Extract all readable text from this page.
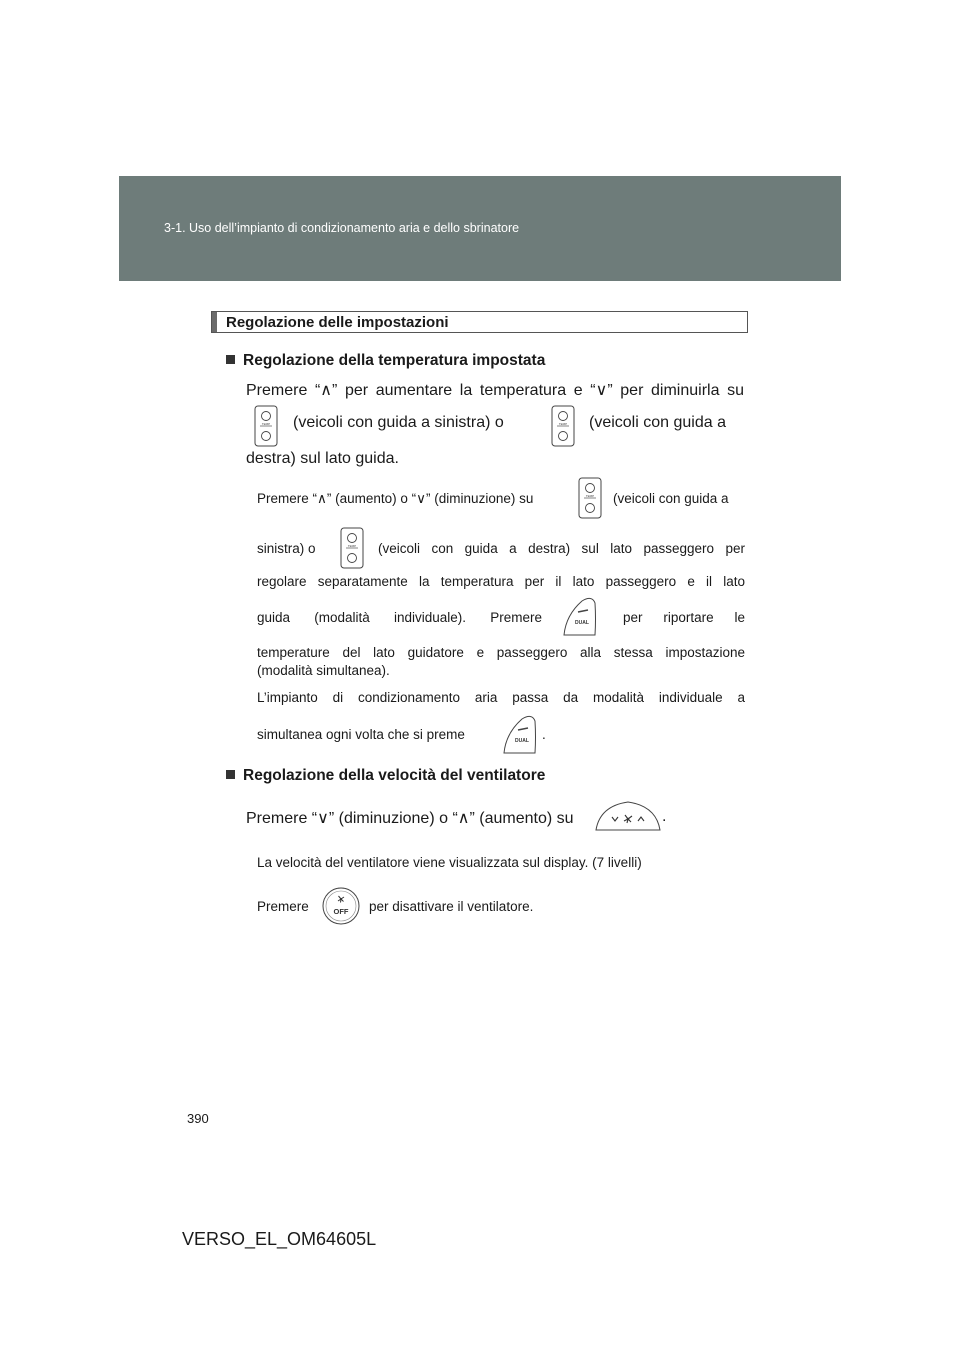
3-1. Uso dell’impianto di condizionamento aria e dello sbrinatore
Regolazione delle impostazioni
Regolazione della temperatura impostata
Premere “∧” per aumentare la temperatura e “∨” per diminuirla su
TEMP (veicoli con guida a sinistra) o	TEMP (veicoli con guida a
destra) sul lato guida.
Premere “∧” (aumento) o “∨” (diminuzione) su	TEMP (veicoli con guida a
sinistra) o	TEMP (veicoli con guida a destra) sul lato passeggero per
regolare separatamente la temperatura per il lato passeggero e il lato
guida (modalità individuale). Premere	DUAL	per riportare le
temperature del lato guidatore e passeggero alla stessa impostazione
(modalità simultanea).
L’impianto di condizionamento aria passa da modalità individuale a
simultanea ogni volta che si preme	DUAL .
Regolazione della velocità del ventilatore
Premere “∨” (diminuzione) o “∧” (aumento) su	.
La velocità del ventilatore viene visualizzata sul display. (7 livelli)
Premere	OFF per disattivare il ventilatore.
390
VERSO_EL_OM64605L
